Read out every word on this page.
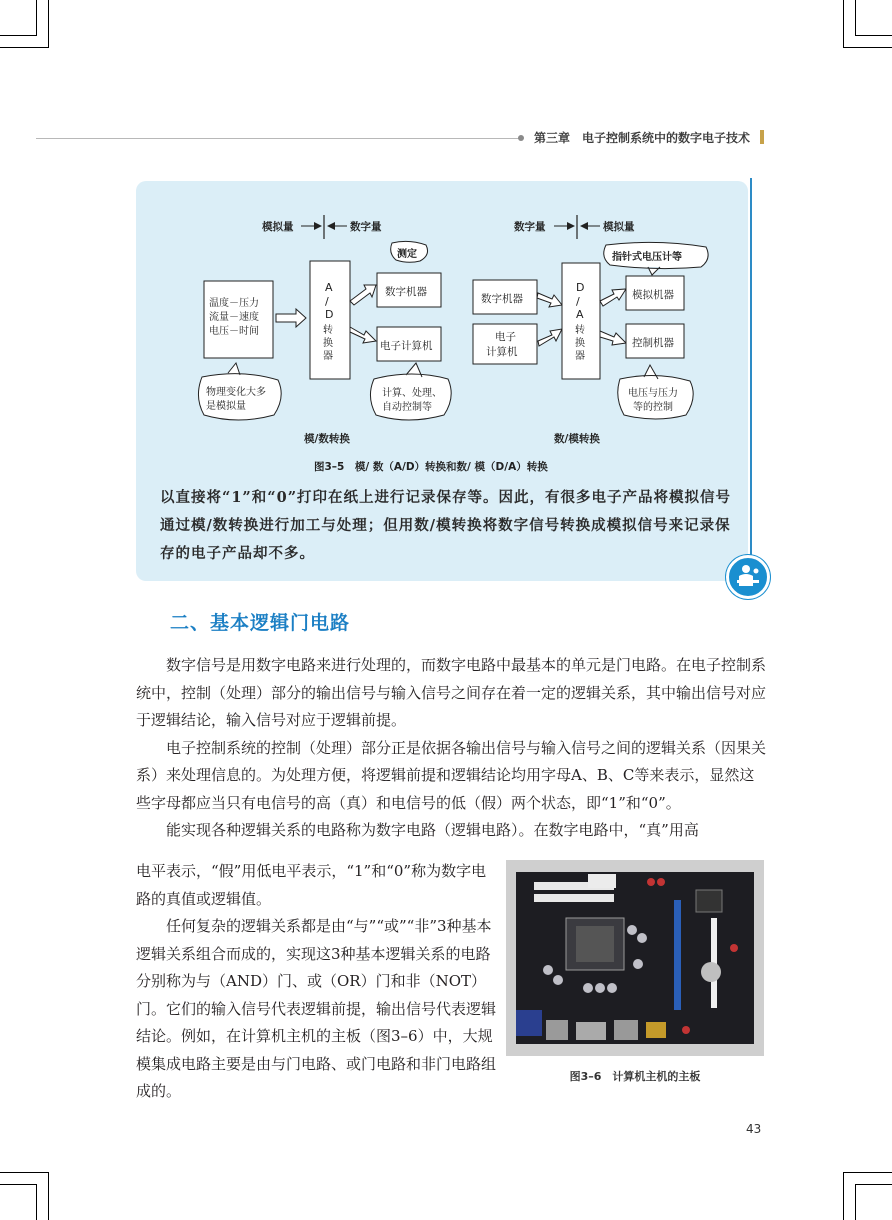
第三章　电子控制系统中的数字电子技术
模拟量	数字量
温度－压力
流量－速度
电压－时间
A
/
D
转
换
器
数字机器
电子计算机
测定
物理变化大多
是模拟量
计算、处理、
自动控制等
模/数转换
数字量	模拟量
数字机器
电子
计算机
D
/
A
转
换
器
模拟机器
控制机器
指针式电压计等
电压与压力
等的控制
数/模转换
图3–5　模/ 数（A/D）转换和数/ 模（D/A）转换
以直接将“1”和“0”打印在纸上进行记录保存等。因此，有很多电子产品将模拟信号通过模/数转换进行加工与处理；但用数/模转换将数字信号转换成模拟信号来记录保存的电子产品却不多。
二、基本逻辑门电路

数字信号是用数字电路来进行处理的，而数字电路中最基本的单元是门电路。在电子控制系统中，控制（处理）部分的输出信号与输入信号之间存在着一定的逻辑关系，其中输出信号对应于逻辑结论，输入信号对应于逻辑前提。

电子控制系统的控制（处理）部分正是依据各输出信号与输入信号之间的逻辑关系（因果关系）来处理信息的。为处理方便，将逻辑前提和逻辑结论均用字母A、B、C等来表示，显然这些字母都应当只有电信号的高（真）和电信号的低（假）两个状态，即“1”和“0”。

能实现各种逻辑关系的电路称为数字电路（逻辑电路）。在数字电路中，“真”用高

电平表示，“假”用低电平表示，“1”和“0”称为数字电路的真值或逻辑值。

任何复杂的逻辑关系都是由“与”“或”“非”3种基本逻辑关系组合而成的，实现这3种基本逻辑关系的电路分别称为与（AND）门、或（OR）门和非（NOT）门。它们的输入信号代表逻辑前提，输出信号代表逻辑结论。例如，在计算机主机的主板（图3–6）中，大规模集成电路主要是由与门电路、或门电路和非门电路组成的。

图3–6　计算机主机的主板
43
